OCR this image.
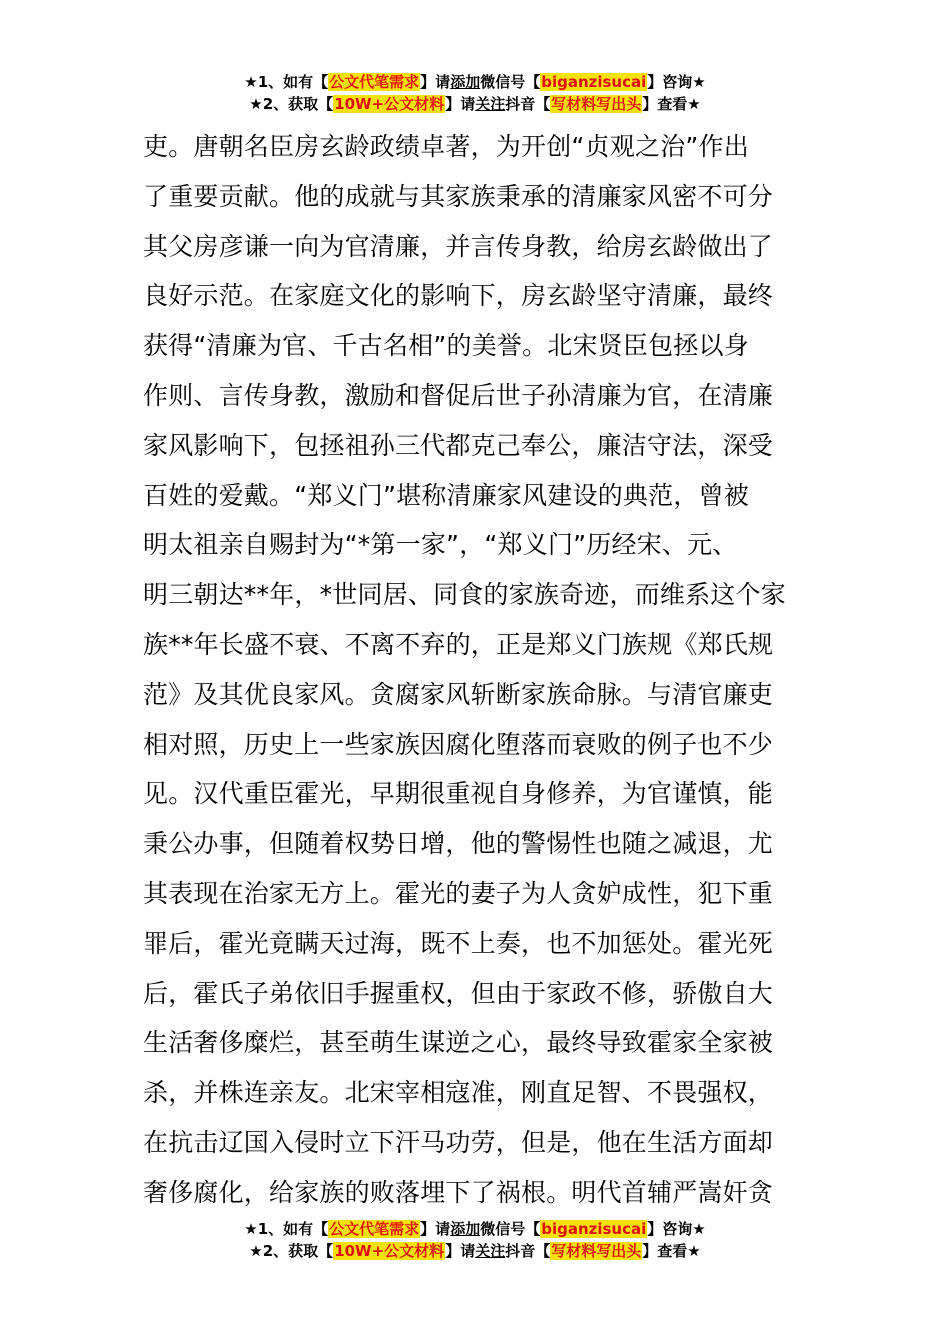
★1、如有【公文代笔需求】请添加微信号【biganzisucai】咨询★
★2、获取【10W+公文材料】请关注抖音【写材料写出头】查看★
吏。唐朝名臣房玄龄政绩卓著，为开创“贞观之治”作出
了重要贡献。他的成就与其家族秉承的清廉家风密不可分
其父房彦谦一向为官清廉，并言传身教，给房玄龄做出了
良好示范。在家庭文化的影响下，房玄龄坚守清廉，最终
获得“清廉为官、千古名相”的美誉。北宋贤臣包拯以身
作则、言传身教，激励和督促后世子孙清廉为官，在清廉
家风影响下，包拯祖孙三代都克己奉公，廉洁守法，深受
百姓的爱戴。“郑义门”堪称清廉家风建设的典范，曾被
明太祖亲自赐封为“*第一家”，“郑义门”历经宋、元、
明三朝达**年，*世同居、同食的家族奇迹，而维系这个家
族**年长盛不衰、不离不弃的，正是郑义门族规《郑氏规
范》及其优良家风。贪腐家风斩断家族命脉。与清官廉吏
相对照，历史上一些家族因腐化堕落而衰败的例子也不少
见。汉代重臣霍光，早期很重视自身修养，为官谨慎，能
秉公办事，但随着权势日增，他的警惕性也随之减退，尤
其表现在治家无方上。霍光的妻子为人贪妒成性，犯下重
罪后，霍光竟瞒天过海，既不上奏，也不加惩处。霍光死
后，霍氏子弟依旧手握重权，但由于家政不修，骄傲自大
生活奢侈糜烂，甚至萌生谋逆之心，最终导致霍家全家被
杀，并株连亲友。北宋宰相寇准，刚直足智、不畏强权，
在抗击辽国入侵时立下汗马功劳，但是，他在生活方面却
奢侈腐化，给家族的败落埋下了祸根。明代首辅严嵩奸贪
★1、如有【公文代笔需求】请添加微信号【biganzisucai】咨询★
★2、获取【10W+公文材料】请关注抖音【写材料写出头】查看★
